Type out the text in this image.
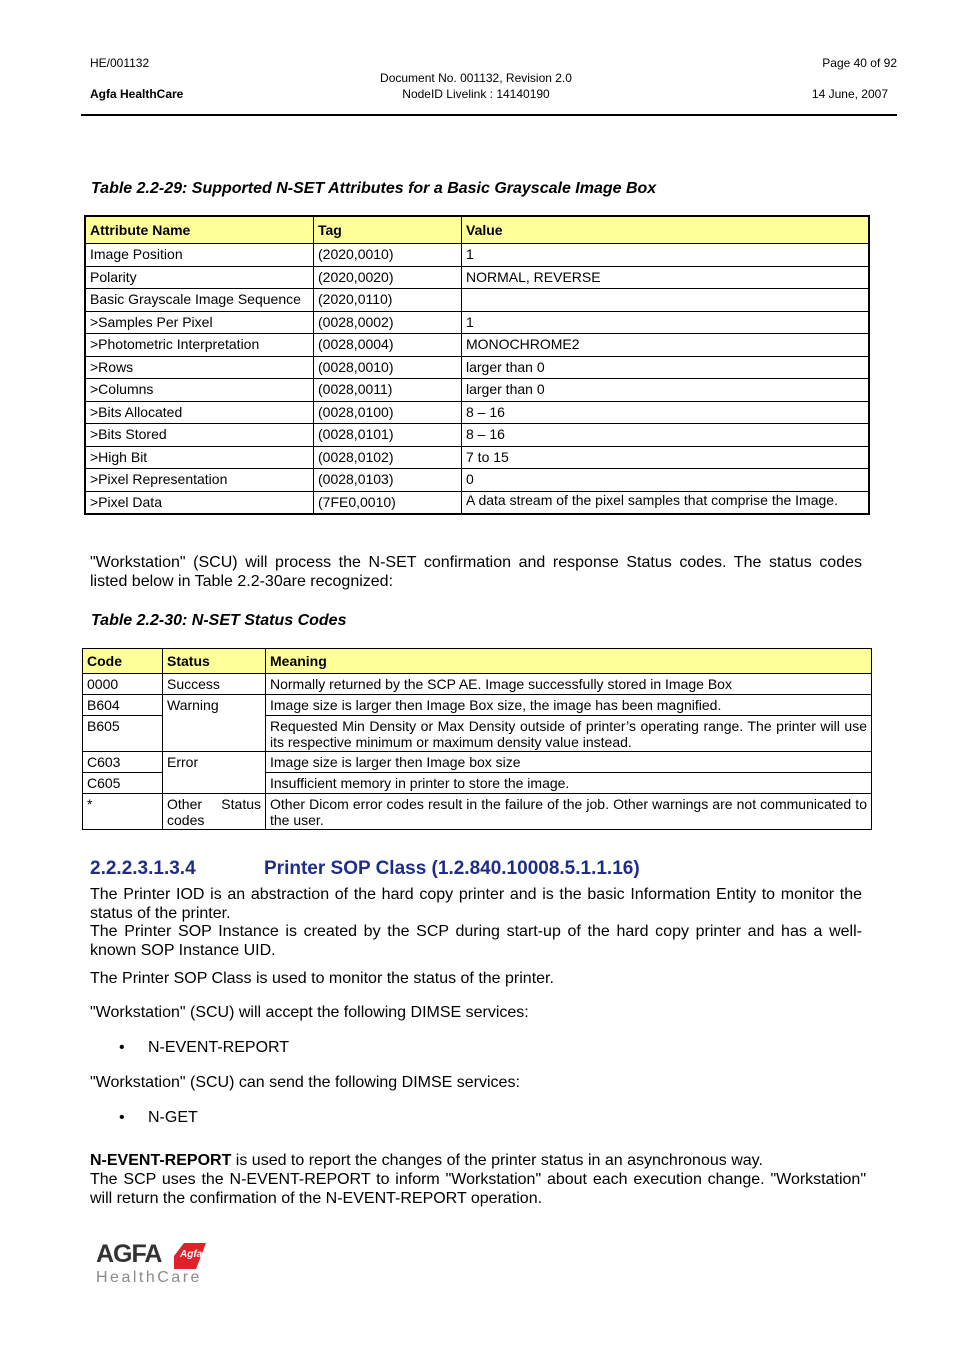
HE/001132
Agfa HealthCare
Document No. 001132, Revision 2.0
NodeID Livelink : 14140190
Page 40 of 92
14 June, 2007
Table 2.2-29: Supported N-SET Attributes for a Basic Grayscale Image Box
Attribute Name	Tag	Value
Image Position	(2020,0010)	1
Polarity	(2020,0020)	NORMAL, REVERSE
Basic Grayscale Image Sequence	(2020,0110)	
>Samples Per Pixel	(0028,0002)	1
>Photometric Interpretation	(0028,0004)	MONOCHROME2
>Rows	(0028,0010)	larger than 0
>Columns	(0028,0011)	larger than 0
>Bits Allocated	(0028,0100)	8 – 16
>Bits Stored	(0028,0101)	8 – 16
>High Bit	(0028,0102)	7 to 15
>Pixel Representation	(0028,0103)	0
>Pixel Data	(7FE0,0010)	A data stream of the pixel samples that comprise the Image.
"Workstation" (SCU) will process the N-SET confirmation and response Status codes. The status codes listed below in Table 2.2-30are recognized:
Table 2.2-30: N-SET Status Codes
Code	Status	Meaning
0000	Success	Normally returned by the SCP AE. Image successfully stored in Image Box
B604	Warning	Image size is larger then Image Box size, the image has been magnified.
B605		Requested Min Density or Max Density outside of printer’s operating range. The printer will use its respective minimum or maximum density value instead.
C603	Error	Image size is larger then Image box size
C605		Insufficient memory in printer to store the image.
*	Other Status codes	Other Dicom error codes result in the failure of the job. Other warnings are not communicated to the user.
2.2.2.3.1.3.4	Printer SOP Class (1.2.840.10008.5.1.1.16)
The Printer IOD is an abstraction of the hard copy printer and is the basic Information Entity to monitor the status of the printer.
The Printer SOP Instance is created by the SCP during start-up of the hard copy printer and has a well-known SOP Instance UID.
The Printer SOP Class is used to monitor the status of the printer.
"Workstation" (SCU) will accept the following DIMSE services:
• N-EVENT-REPORT
"Workstation" (SCU) can send the following DIMSE services:
• N-GET
N-EVENT-REPORT is used to report the changes of the printer status in an asynchronous way.
The SCP uses the N-EVENT-REPORT to inform "Workstation" about each execution change. "Workstation" will return the confirmation of the N-EVENT-REPORT operation.
AGFA Agfa
HealthCare
